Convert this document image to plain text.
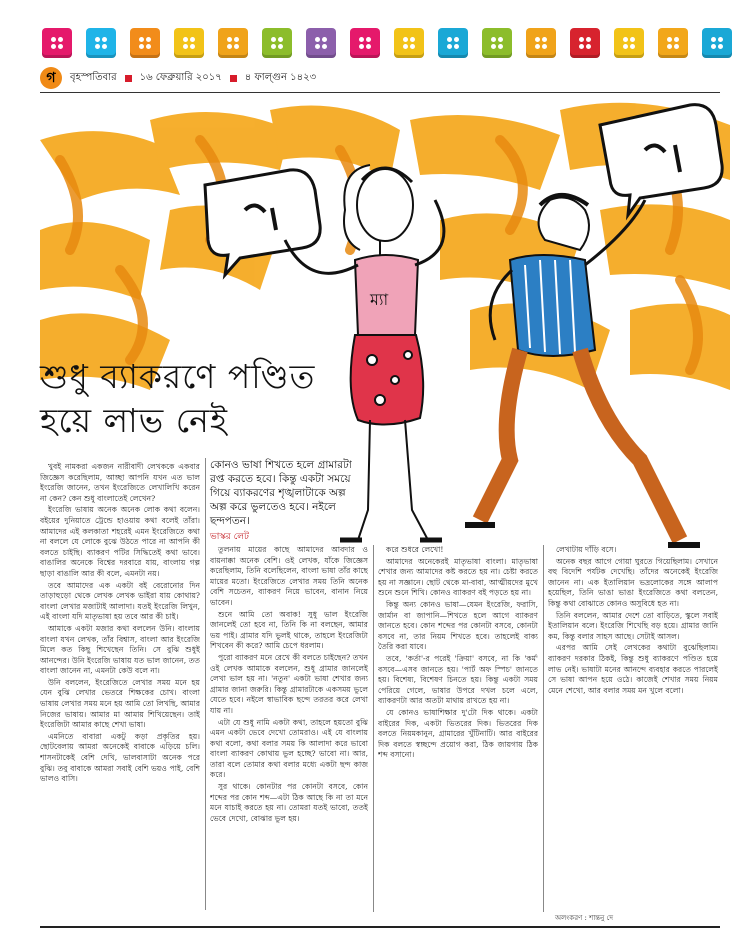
গ	বৃহস্পতিবার ১৬ ফেব্রুয়ারি ২০১৭ ৪ ফাল্গুন ১৪২৩
ম্যা
শুধু ব্যাকরণে পণ্ডিত
হয়ে লাভ নেই
কোনও ভাষা শিখতে হলে গ্রামারটা রপ্ত করতে হবে। কিন্তু একটা সময়ে গিয়ে ব্যাকরণের শৃঙ্খলাটাকে অল্প অল্প করে ভুলতেও হবে। নইলে ছন্দপতন।
ভাস্কর লেট

খুবই নামকরা একজন নারীবাদী লেখককে একবার জিজ্ঞেস করেছিলাম, আচ্ছা আপনি যখন এত ভাল ইংরেজি জানেন, তখন ইংরেজিতে লেখালিখি করেন না কেন? কেন শুধু বাংলাতেই লেখেন?

ইংরেজি ভাষায় অনেক অনেক লোক কথা বলেন। বইয়ের দুনিয়াতে ট্রেন্ডে হাওয়ায় কথা বলেই তাঁরা। আমাদের এই কলকাতা শহরেই এমন ইংরেজিতে কথা না বললে যে লোকে বুঝে উঠতে পারে না আপনি কী বলতে চাইছি। ব্যাকরণ পটির সিদ্ধিতেই কথা ভাবে। বাঙালির অনেকে বিশ্বের দরবারে যায়, বাংলায় গল্প ছাড়া বাঙালি আর কী বলে, এমনটা নয়।

তবে আমাদের এক একটা বই বেরোনোর দিন তাড়াহুড়ো থেকে লেখক লেখক ভাইরা যায় কোথায়? বাংলা লেখার মজাটাই আলাদা। যতই ইংরেজি লিখুন, এই বাংলা যদি মাতৃভাষা হয় তবে আর কী চাই।

আমাকে একটা মজার কথা বললেন উনি। বাংলায় বাংলা যখন লেখক, তাঁর বিশ্বাস, বাংলা আর ইংরেজি মিলে কত কিছু শিখেছেন তিনি। সে বুঝি শুধুই আনন্দের। উনি ইংরেজি ভাষায় যত ভাল জানেন, তত বাংলা জানেন না, এমনটা কেউ বলে না।

উনি বললেন, ইংরেজিতে লেখার সময় মনে হয় যেন বুঝি লেখার ভেতরে শিক্ষকের চোখ। বাংলা ভাষায় লেখার সময় মনে হয় আমি তো লিখছি, আমার নিজের ভাষায়। আমার মা আমায় শিখিয়েছেন। তাই ইংরেজিটা আমার কাছে শেখা ভাষা।

এমনিতে বাবারা একটু কড়া প্রকৃতির হয়। ছোটবেলায় আমরা অনেকেই বাবাকে এড়িয়ে চলি। শাসনটাকেই বেশি দেখি, ভালবাসাটা অনেক পরে বুঝি। তবু বাবাকে আমরা সবাই বেশি ভয়ও পাই, বেশি ভালও বাসি।

তুলনায় মায়ের কাছে আমাদের আবদার ও বায়নাক্কা অনেক বেশি। ওই লেখক, যাঁকে জিজ্ঞেস করেছিলাম, তিনি বলেছিলেন, বাংলা ভাষা তাঁর কাছে মায়ের মতো। ইংরেজিতে লেখার সময় তিনি অনেক বেশি সচেতন, ব্যাকরণ নিয়ে ভাবেন, বানান নিয়ে ভাবেন।

শুনে আমি তো অবাক! সুধু ভাল ইংরেজি জানলেই তো হবে না, তিনি কি না বলছেন, আমার ভয় পাই। গ্রামার যদি ভুলই থাকে, তাহলে ইংরেজিটা শিখবেন কী করে? আমি চেপে ধরলাম।

পুরো ব্যাকরণ মনে রেখে কী বলতে চাইছেন? তখন ওই লেখক আমাকে বললেন, শুধু গ্রামার জানলেই লেখা ভাল হয় না। 'নতুন' একটা ভাষা শেখার জন্য গ্রামার জানা জরুরি। কিন্তু গ্রামারটাকে একসময় ভুলে যেতে হবে। নইলে স্বাভাবিক ছন্দে তরতর করে লেখা যায় না।

এটা যে শুধু নামি একটা কথা, তাহলে হয়তো বুঝি এমন একটা ভেবে দেখো তোমরাও। এই যে বাংলায় কথা বলো, কথা বলার সময় কি আলাদা করে ভাবো বাংলা ব্যাকরণ কোথায় ভুল হচ্ছে? ভাবো না। আর, তারা বলে তোমার কথা বলার মধ্যে একটা ছন্দ কাজ করে।

সুর থাকে। কোনটার পর কোনটা বসবে, কোন শব্দের পর কোন শব্দ—এটা ঠিক আছে কি না তা মনে মনে যাচাই করতে হয় না। তোমরা যতই ভাবো, ততই ভেবে দেখো, বোঝার ভুল হয়।

করে শুধরে লেখো!

আমাদের অনেকেরই মাতৃভাষা বাংলা। মাতৃভাষা শেখার জন্য আমাদের কষ্ট করতে হয় না। চেষ্টা করতে হয় না সজ্ঞানে। ছোট থেকে মা-বাবা, আত্মীয়দের মুখে শুনে শুনে শিখি। কোনও ব্যাকরণ বই পড়তে হয় না।

কিন্তু অন্য কোনও ভাষা—যেমন ইংরেজি, ফরাসি, জার্মান বা জাপানি—শিখতে হলে আগে ব্যাকরণ জানতে হবে। কোন শব্দের পর কোনটা বসবে, কোনটা বসবে না, তার নিয়ম শিখতে হবে। তাহলেই বাক্য তৈরি করা যাবে।

তবে, 'কর্তা'-র পরেই 'ক্রিয়া' বসবে, না কি 'কর্ম' বসবে—এসব জানতে হয়। 'পার্ট অফ স্পিচ' জানতে হয়। বিশেষ্য, বিশেষণ চিনতে হয়। কিন্তু একটা সময় পেরিয়ে গেলে, ভাষার উপরে দখল চলে এলে, ব্যাকরণটা আর অতটা মাথায় রাখতে হয় না।

যে কোনও ভাষাশিক্ষার দু'টো দিক থাকে। একটা বাইরের দিক, একটা ভিতরের দিক। ভিতরের দিক বলতে নিয়মকানুন, গ্রামারের খুঁটিনাটি। আর বাইরের দিক বলতে স্বচ্ছন্দে প্রয়োগ করা, ঠিক জায়গায় ঠিক শব্দ বসানো।

লেখাটায় দাঁড়ি বসে।

অনেক বছর আগে গোয়া ঘুরতে গিয়েছিলাম। সেখানে বহু বিদেশি পর্যটক দেখেছি। তাঁদের অনেকেই ইংরেজি জানেন না। এক ইতালিয়ান ভদ্রলোকের সঙ্গে আলাপ হয়েছিল, তিনি ভাঙা ভাঙা ইংরেজিতে কথা বলতেন, কিন্তু কথা বোঝাতে কোনও অসুবিধে হত না।

তিনি বললেন, আমার দেশে তো বাড়িতে, স্কুলে সবাই ইতালিয়ান বলে। ইংরেজি শিখেছি বড় হয়ে। গ্রামার জানি কম, কিন্তু বলার সাহস আছে। সেটাই আসল।

এরপর আমি সেই লেখকের কথাটা বুঝেছিলাম। ব্যাকরণ দরকার ঠিকই, কিন্তু শুধু ব্যাকরণে পণ্ডিত হয়ে লাভ নেই। ভাষাটা মনের আনন্দে ব্যবহার করতে পারলেই সে ভাষা আপন হয়ে ওঠে। কাজেই শেখার সময় নিয়ম মেনে শেখো, আর বলার সময় মন খুলে বলো।

অলংকরণ : শান্তনু দে
